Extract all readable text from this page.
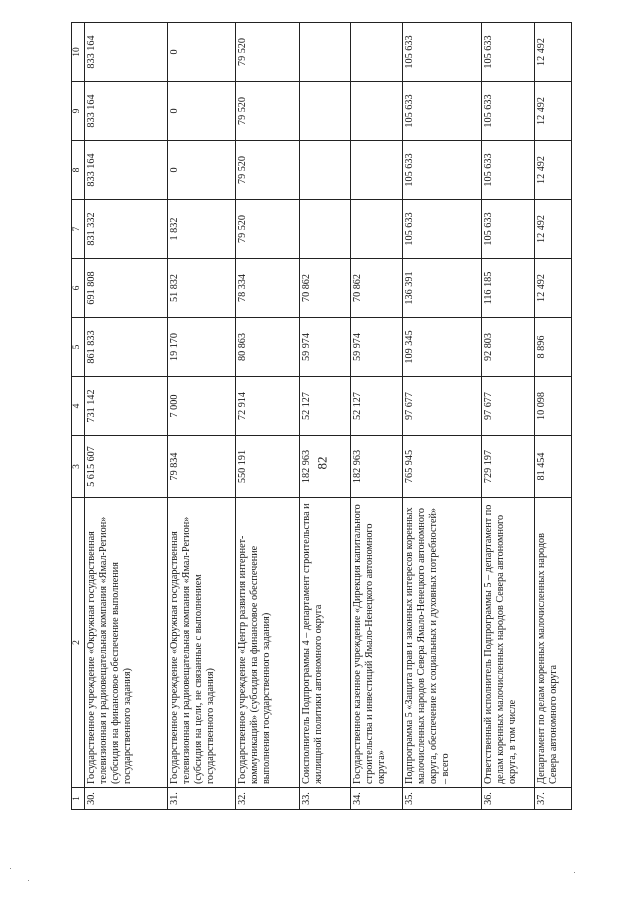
82
1	2	3	4	5	6	7	8	9	10
30.	Государственное учреждение «Окружная государственная телевизионная и радиовещательная компания «Ямал-Регион» (субсидия на финансовое обеспечение выполнения государственного задания)	5 615 607	731 142	861 833	691 808	831 332	833 164	833 164	833 164
31.	Государственное учреждение «Окружная государственная телевизионная и радиовещательная компания «Ямал-Регион» (субсидия на цели, не связанные с выполнением государственного задания)	79 834	7 000	19 170	51 832	1 832	0	0	0
32.	Государственное учреждение «Центр развития интернет-коммуникаций» (субсидия на финансовое обеспечение выполнения государственного задания)	550 191	72 914	80 863	78 334	79 520	79 520	79 520	79 520
33.	Соисполнитель Подпрограммы 4 – департамент строительства и жилищной политики автономного округа	182 963	52 127	59 974	70 862				
34.	Государственное казенное учреждение «Дирекция капитального строительства и инвестиций Ямало-Ненецкого автономного округа»	182 963	52 127	59 974	70 862				
35.	Подпрограмма 5 «Защита прав и законных интересов коренных малочисленных народов Севера Ямало-Ненецкого автономного округа, обеспечение их социальных и духовных потребностей» – всего	765 945	97 677	109 345	136 391	105 633	105 633	105 633	105 633
36.	Ответственный исполнитель Подпрограммы 5 – департамент по делам коренных малочисленных народов Севера автономного округа, в том числе	729 197	97 677	92 803	116 185	105 633	105 633	105 633	105 633
37.	Департамент по делам коренных малочисленных народов Севера автономного округа	81 454	10 098	8 896	12 492	12 492	12 492	12 492	12 492
